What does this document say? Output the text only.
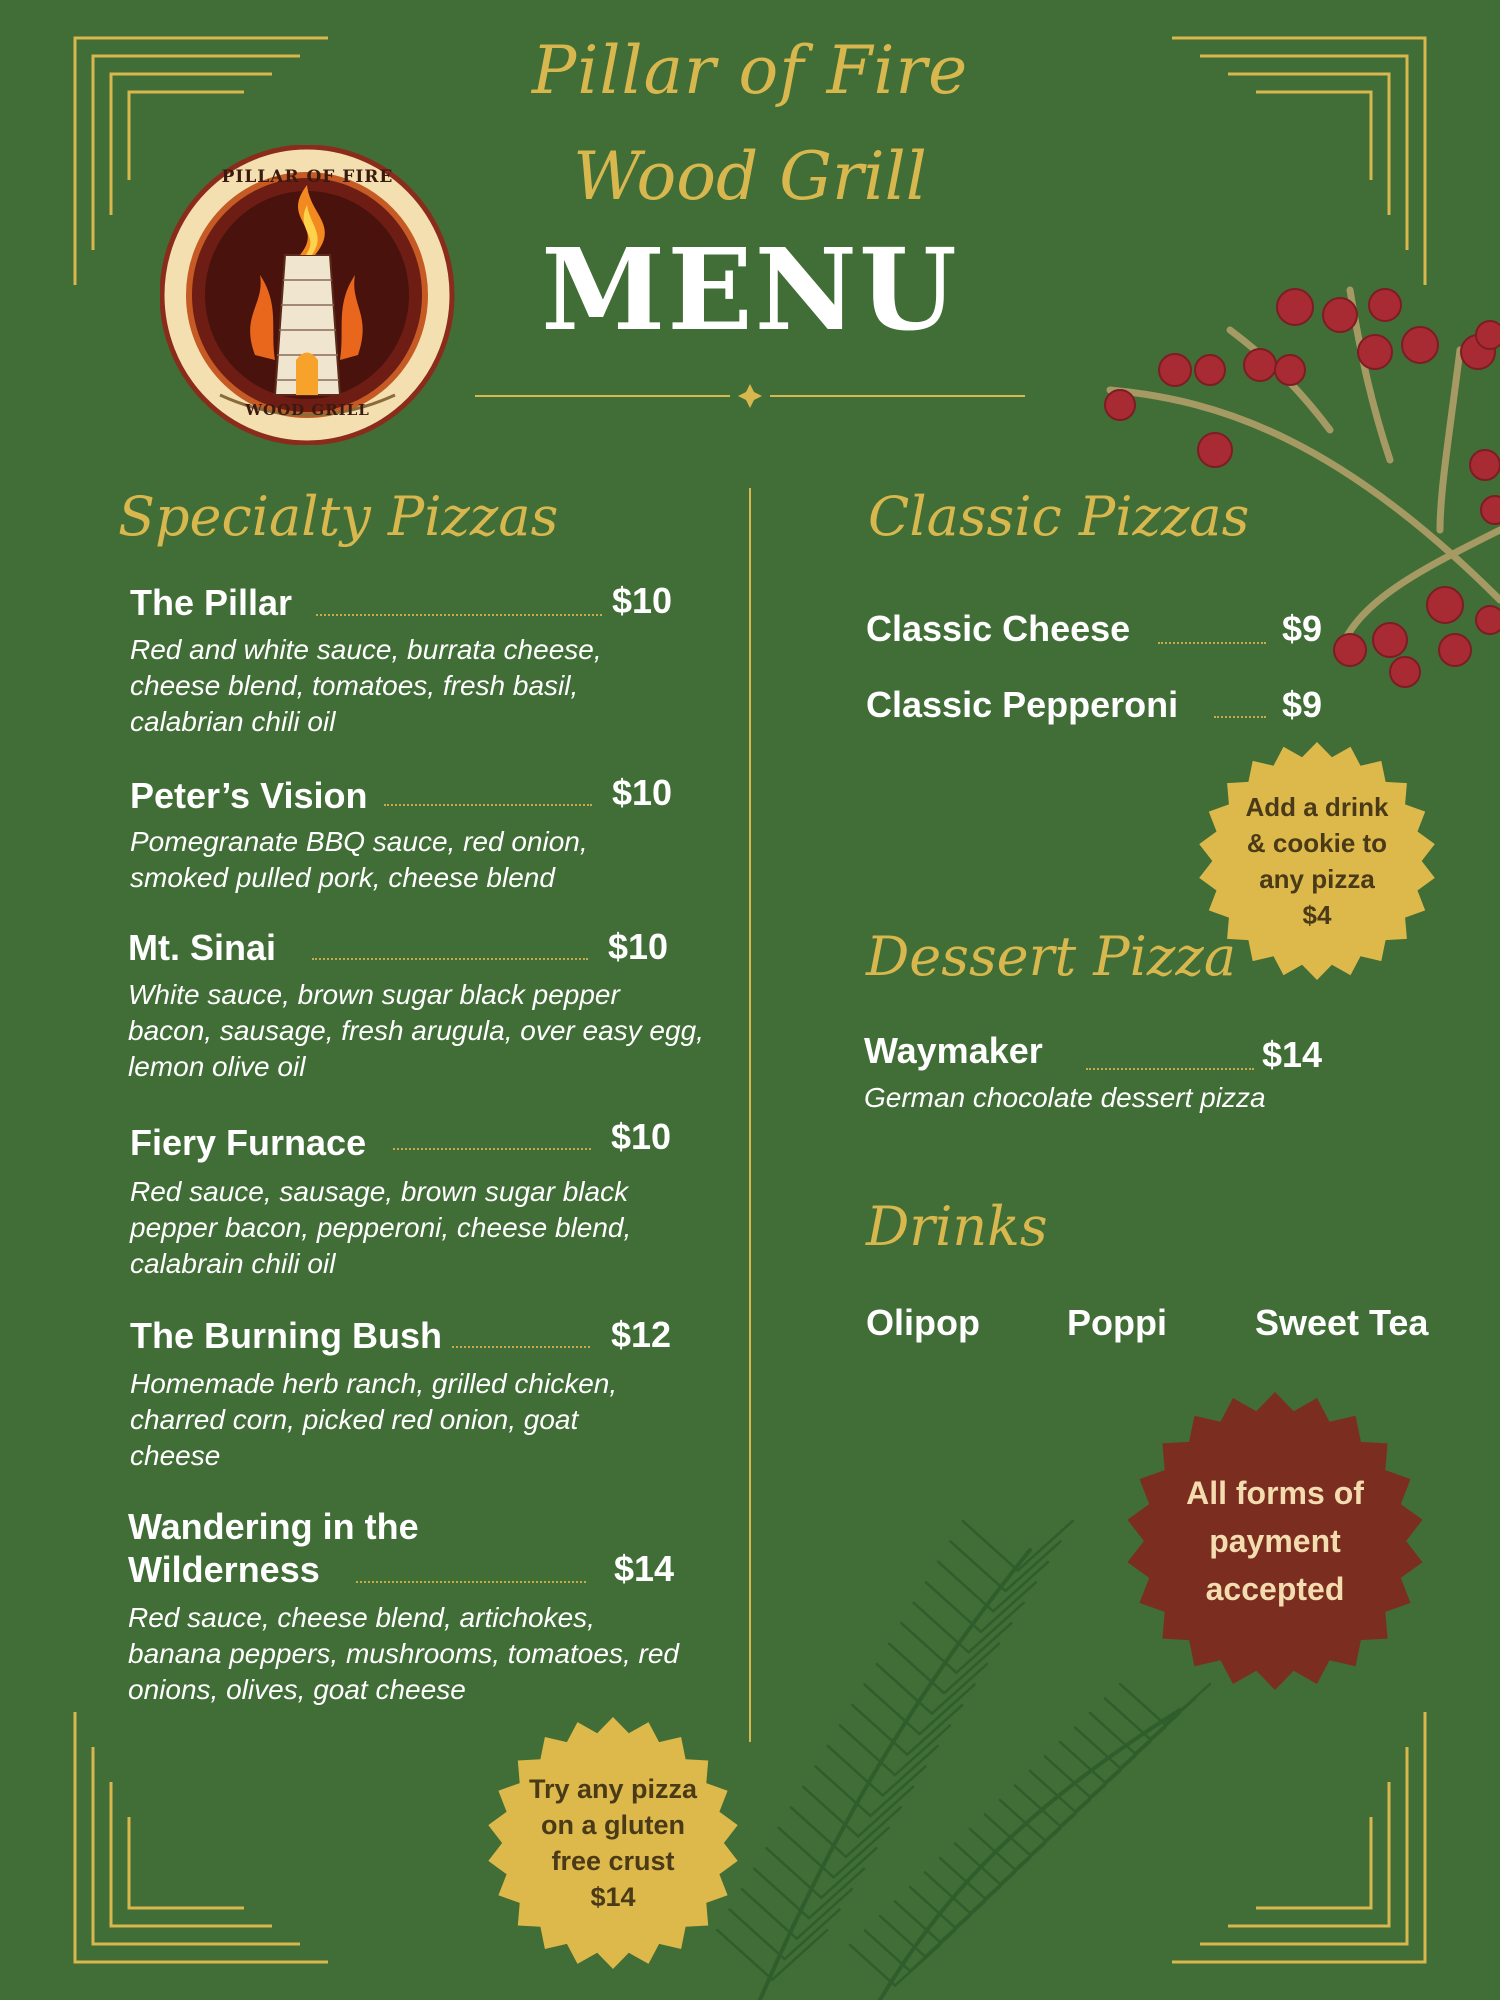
PILLAR OF FIRE
WOOD GRILL
Pillar of Fire
Wood Grill
MENU
Specialty Pizzas
The Pillar	$10
Red and white sauce, burrata cheese, cheese blend, tomatoes, fresh basil, calabrian chili oil
Peter’s Vision	$10
Pomegranate BBQ sauce, red onion, smoked pulled pork, cheese blend
Mt. Sinai	$10
White sauce, brown sugar black pepper bacon, sausage, fresh arugula, over easy egg, lemon olive oil
Fiery Furnace	$10
Red sauce, sausage, brown sugar black pepper bacon, pepperoni, cheese blend, calabrain chili oil
The Burning Bush	$12
Homemade herb ranch, grilled chicken, charred corn, picked red onion, goat cheese
Wandering in the
Wilderness	$14
Red sauce, cheese blend, artichokes, banana peppers, mushrooms, tomatoes, red onions, olives, goat cheese
Classic Pizzas
Classic Cheese	$9
Classic Pepperoni	$9
Add a drink
& cookie to
any pizza
$4
Dessert Pizza
Waymaker	$14
German chocolate dessert pizza
Drinks
Olipop Poppi Sweet Tea
All forms of
payment
accepted
Try any pizza
on a gluten
free crust
$14
